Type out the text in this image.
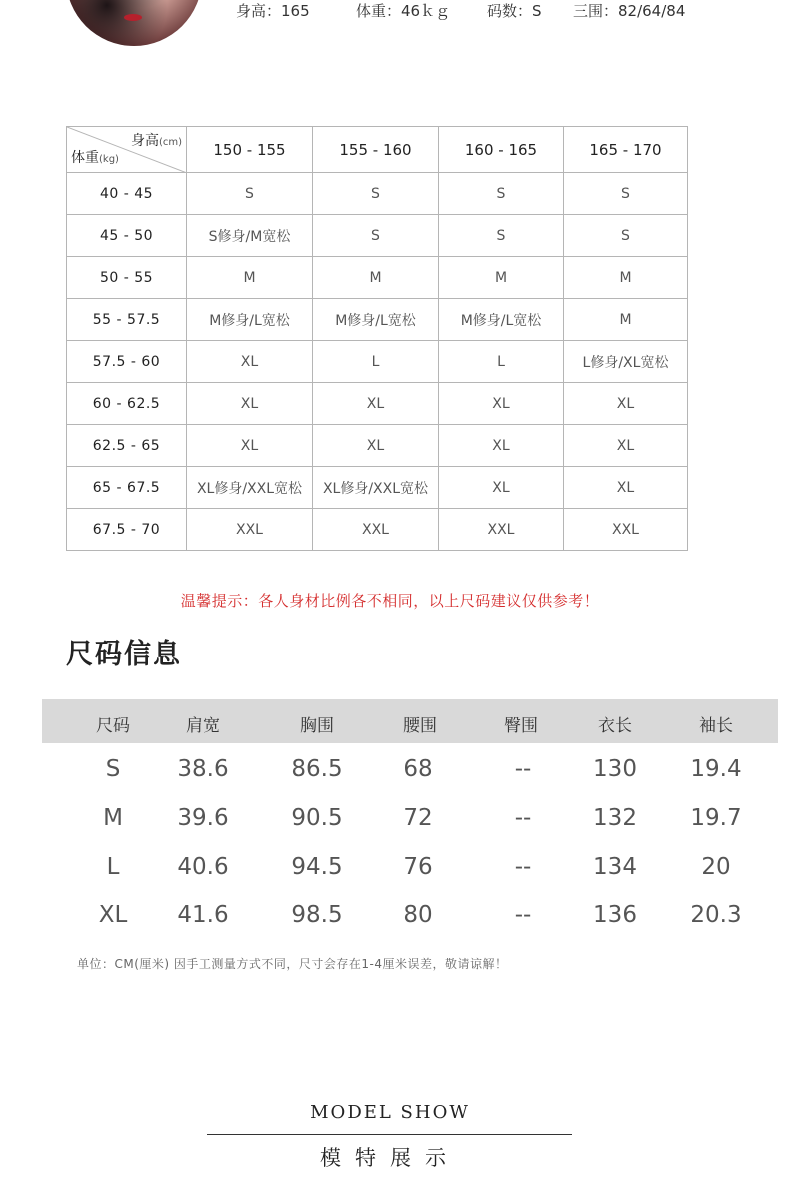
身高：165	体重：46ｋｇ 码数：S 三围：82/64/84
身高(cm)
体重(kg)	150 - 155	155 - 160	160 - 165	165 - 170
40 - 45	S	S	S	S
45 - 50	S修身/M宽松	S	S	S
50 - 55	M	M	M	M
55 - 57.5	M修身/L宽松	M修身/L宽松	M修身/L宽松	M
57.5 - 60	XL	L	L	L修身/XL宽松
60 - 62.5	XL	XL	XL	XL
62.5 - 65	XL	XL	XL	XL
65 - 67.5	XL修身/XXL宽松	XL修身/XXL宽松	XL	XL
67.5 - 70	XXL	XXL	XXL	XXL
温馨提示：各人身材比例各不相同，以上尺码建议仅供参考！
尺码信息
尺码	肩宽	胸围	腰围	臀围	衣长	袖长
S	38.6	86.5	68	--	130	19.4
M	39.6	90.5	72	--	132	19.7
L	40.6	94.5	76	--	134	20
XL	41.6	98.5	80	--	136	20.3
单位：CM(厘米) 因手工测量方式不同，尺寸会存在1-4厘米误差，敬请谅解！
MODEL SHOW
模特展示
